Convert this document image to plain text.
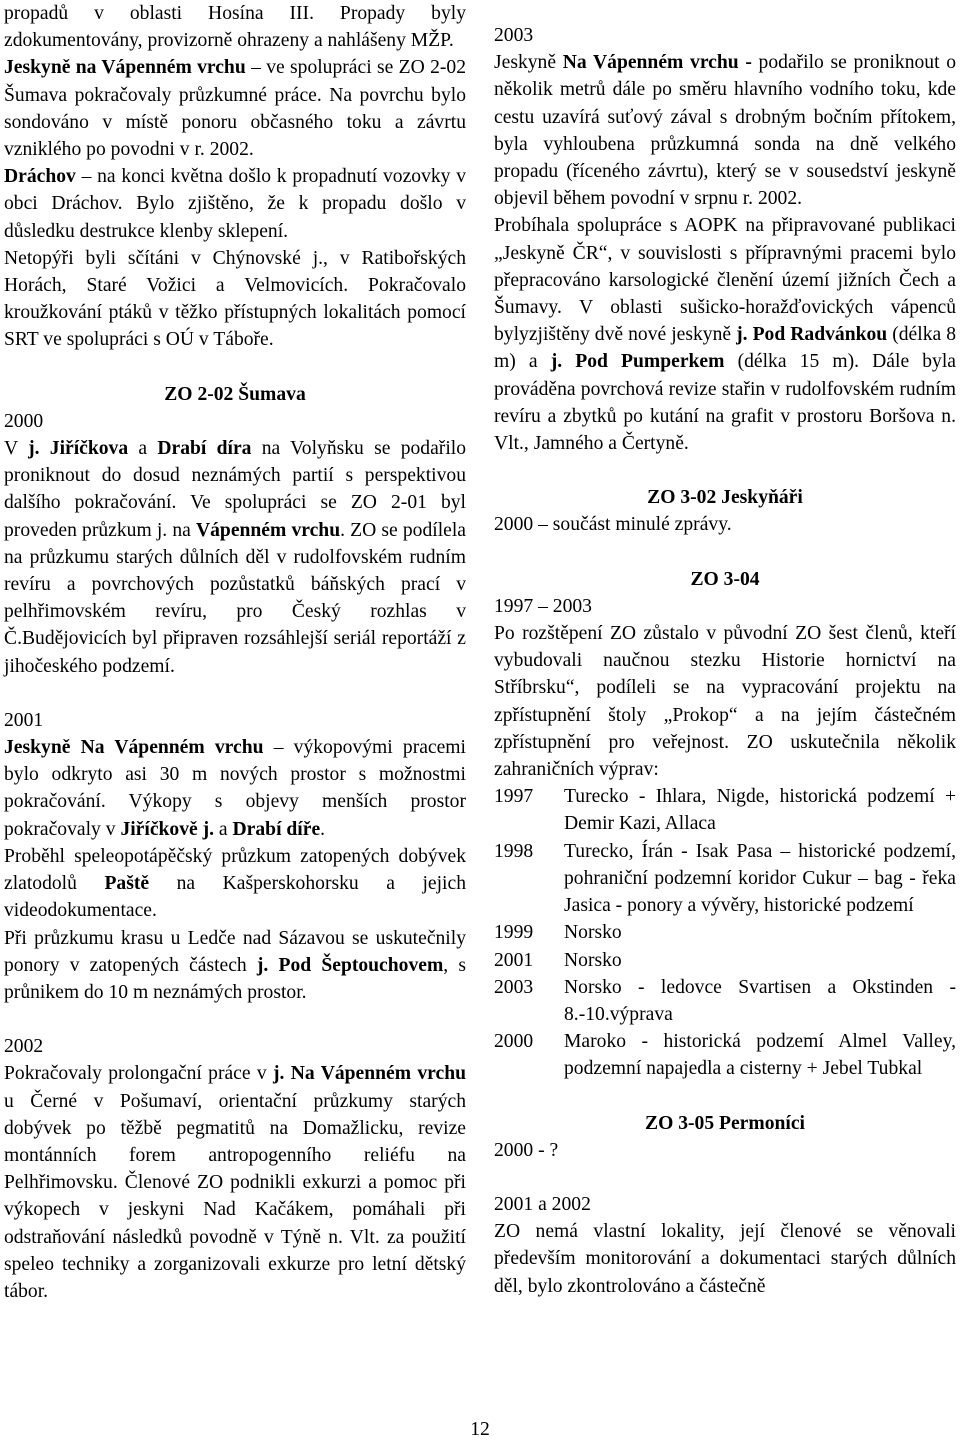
propadů v oblasti Hosína III. Propady byly zdokumentovány, provizorně ohrazeny a nahlášeny MŽP.

Jeskyně na Vápenném vrchu – ve spolupráci se ZO 2-02 Šumava pokračovaly průzkumné práce. Na povrchu bylo sondováno v místě ponoru občasného toku a závrtu vzniklého po povodni v r. 2002.

Dráchov – na konci května došlo k propadnutí vozovky v obci Dráchov. Bylo zjištěno, že k propadu došlo v důsledku destrukce klenby sklepení.

Netopýři byli sčítáni v Chýnovské j., v Ratibořských Horách, Staré Vožici a Velmovicích. Pokračovalo kroužkování ptáků v těžko přístupných lokalitách pomocí SRT ve spolupráci s OÚ v Táboře.

ZO 2-02 Šumava

2000

V j. Jiříčkova a Drabí díra na Volyňsku se podařilo proniknout do dosud neznámých partií s perspektivou dalšího pokračování. Ve spolupráci se ZO 2-01 byl proveden průzkum j. na Vápenném vrchu. ZO se podílela na průzkumu starých důlních děl v rudolfovském rudním revíru a povrchových pozůstatků báňských prací v pelhřimovském revíru, pro Český rozhlas v Č.Budějovicích byl připraven rozsáhlejší seriál reportáží z jihočeského podzemí.

2001

Jeskyně Na Vápenném vrchu – výkopovými pracemi bylo odkryto asi 30 m nových prostor s možnostmi pokračování. Výkopy s objevy menších prostor pokračovaly v Jiříčkově j. a Drabí díře.

Proběhl speleopotápěčský průzkum zatopených dobývek zlatodolů Paště na Kašperskohorsku a jejich videodokumentace.

Při průzkumu krasu u Ledče nad Sázavou se uskutečnily ponory v zatopených částech j. Pod Šeptouchovem, s průnikem do 10 m neznámých prostor.

2002

Pokračovaly prolongační práce v j. Na Vápenném vrchu u Černé v Pošumaví, orientační průzkumy starých dobývek po těžbě pegmatitů na Domažlicku, revize montánních forem antropogenního reliéfu na Pelhřimovsku. Členové ZO podnikli exkurzi a pomoc při výkopech v jeskyni Nad Kačákem, pomáhali při odstraňování následků povodně v Týně n. Vlt. za použití speleo techniky a zorganizovali exkurze pro letní dětský tábor.

2003

Jeskyně Na Vápenném vrchu - podařilo se proniknout o několik metrů dále po směru hlavního vodního toku, kde cestu uzavírá suťový zával s drobným bočním přítokem, byla vyhloubena průzkumná sonda na dně velkého propadu (říceného závrtu), který se v sousedství jeskyně objevil během povodní v srpnu r. 2002.

Probíhala spolupráce s AOPK na připravované publikaci „Jeskyně ČR“, v souvislosti s přípravnými pracemi bylo přepracováno karsologické členění území jižních Čech a Šumavy. V oblasti sušicko-horažďovických vápenců bylyzjištěny dvě nové jeskyně j. Pod Radvánkou (délka 8 m) a j. Pod Pumperkem (délka 15 m). Dále byla prováděna povrchová revize stařin v rudolfovském rudním revíru a zbytků po kutání na grafit v prostoru Boršova n. Vlt., Jamného a Čertyně.

ZO 3-02 Jeskyňáři

2000 – součást minulé zprávy.

ZO 3-04

1997 – 2003

Po rozštěpení ZO zůstalo v původní ZO šest členů, kteří vybudovali naučnou stezku Historie hornictví na Stříbrsku“, podíleli se na vypracování projektu na zpřístupnění štoly „Prokop“ a na jejím částečném zpřístupnění pro veřejnost. ZO uskutečnila několik zahraničních výprav:

1997	Turecko - Ihlara, Nigde, historická podzemí + Demir Kazi, Allaca
1998	Turecko, Írán - Isak Pasa – historické podzemí, pohraniční podzemní koridor Cukur – bag - řeka Jasica - ponory a vývěry, historické podzemí
1999	Norsko
2001	Norsko
2003	Norsko - ledovce Svartisen a Okstinden - 8.-10.výprava
2000	Maroko - historická podzemí Almel Valley, podzemní napajedla a cisterny + Jebel Tubkal

ZO 3-05 Permoníci

2000 - ?

2001 a 2002

ZO nemá vlastní lokality, její členové se věnovali především monitorování a dokumentaci starých důlních děl, bylo zkontrolováno a částečně

12
